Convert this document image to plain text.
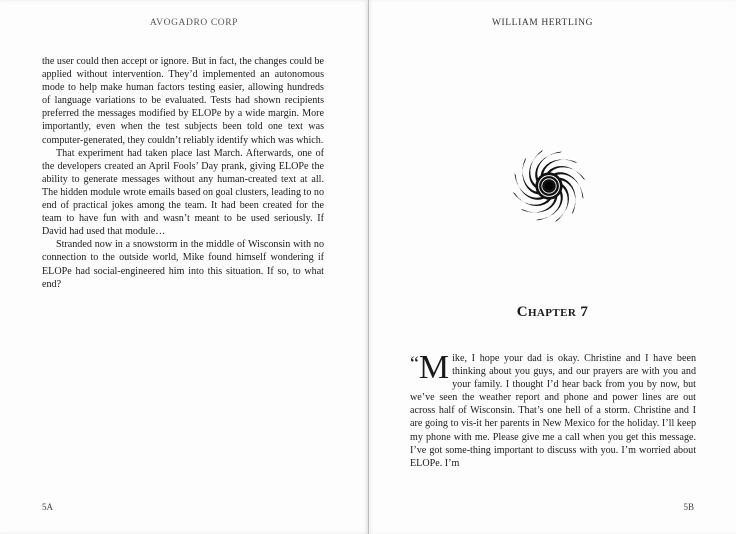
AVOGADRO CORP

the user could then accept or ignore. But in fact, the changes could be applied without intervention. They’d implemented an autonomous mode to help make human factors testing easier, allowing hundreds of language variations to be evaluated. Tests had shown recipients preferred the messages modified by ELOPe by a wide margin. More importantly, even when the test subjects been told one text was computer-generated, they couldn’t reliably identify which was which.

That experiment had taken place last March. Afterwards, one of the developers created an April Fools’ Day prank, giving ELOPe the ability to generate messages without any human-created text at all. The hidden module wrote emails based on goal clusters, leading to no end of practical jokes among the team. It had been created for the team to have fun with and wasn’t meant to be used seriously. If David had used that module…

Stranded now in a snowstorm in the middle of Wisconsin with no connection to the outside world, Mike found himself wondering if ELOPe had social-engineered him into this situation. If so, to what end?

5A
WILLIAM HERTLING
Chapter 7

“M ike, I hope your dad is okay. Christine and I have been thinking about you guys, and our prayers are with you and your family. I thought I’d hear back from you by now, but we’ve seen the weather report and phone and power lines are out across half of Wisconsin. That’s one hell of a storm. Christine and I are going to vis-it her parents in New Mexico for the holiday. I’ll keep my phone with me. Please give me a call when you get this message. I’ve got some-thing important to discuss with you. I’m worried about ELOPe. I’m

5B
